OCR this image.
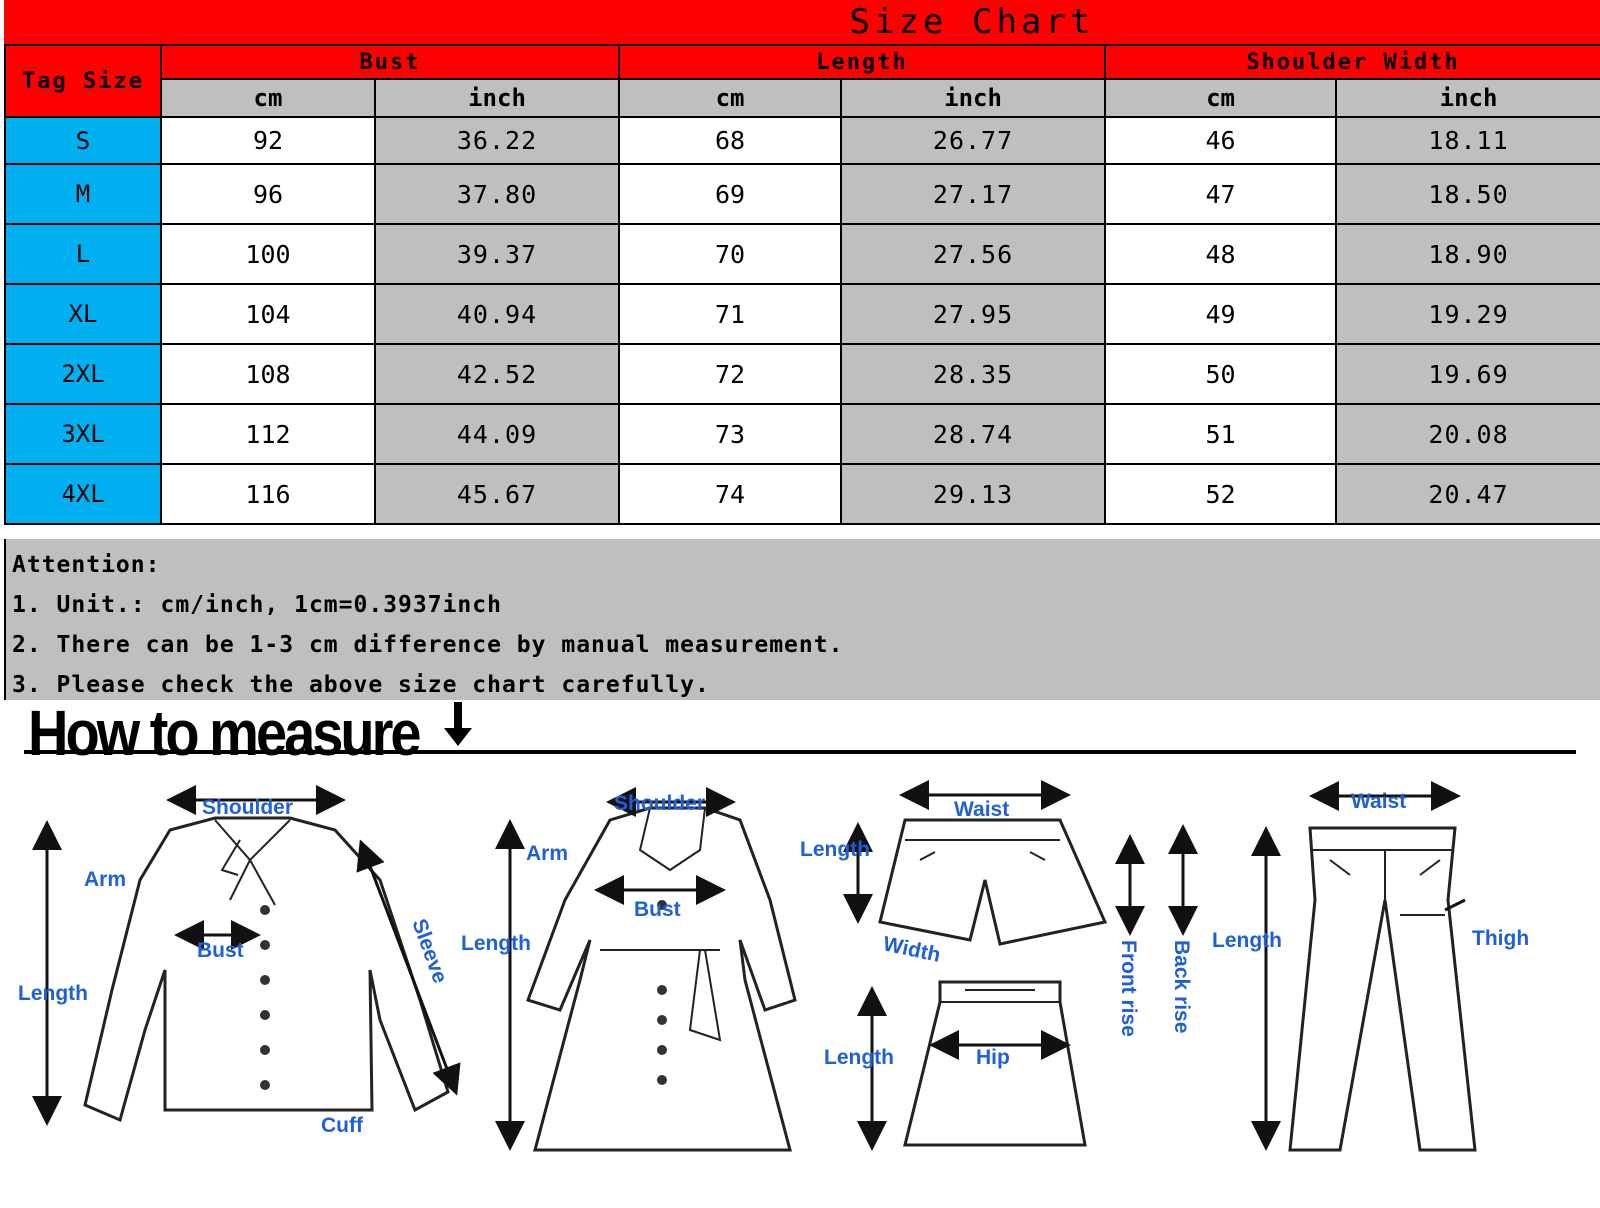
Size Chart
Tag Size	Bust		Length		Shoulder Width	
	cm	inch	cm	inch	cm	inch
S	92	36.22	68	26.77	46	18.11
M	96	37.80	69	27.17	47	18.50
L	100	39.37	70	27.56	48	18.90
XL	104	40.94	71	27.95	49	19.29
2XL	108	42.52	72	28.35	50	19.69
3XL	112	44.09	73	28.74	51	20.08
4XL	116	45.67	74	29.13	52	20.47
Attention:
1. Unit.: cm/inch, 1cm=0.3937inch
2. There can be 1-3 cm difference by manual measurement.
3. Please check the above size chart carefully.
How to measure
Shoulder
Arm
Bust
Length
Sleeve
Cuff
Shoulder
Arm
Bust
Length
Waist
Length
Width	Front rise Back rise
Length	Hip
Waist
Length	Thigh
